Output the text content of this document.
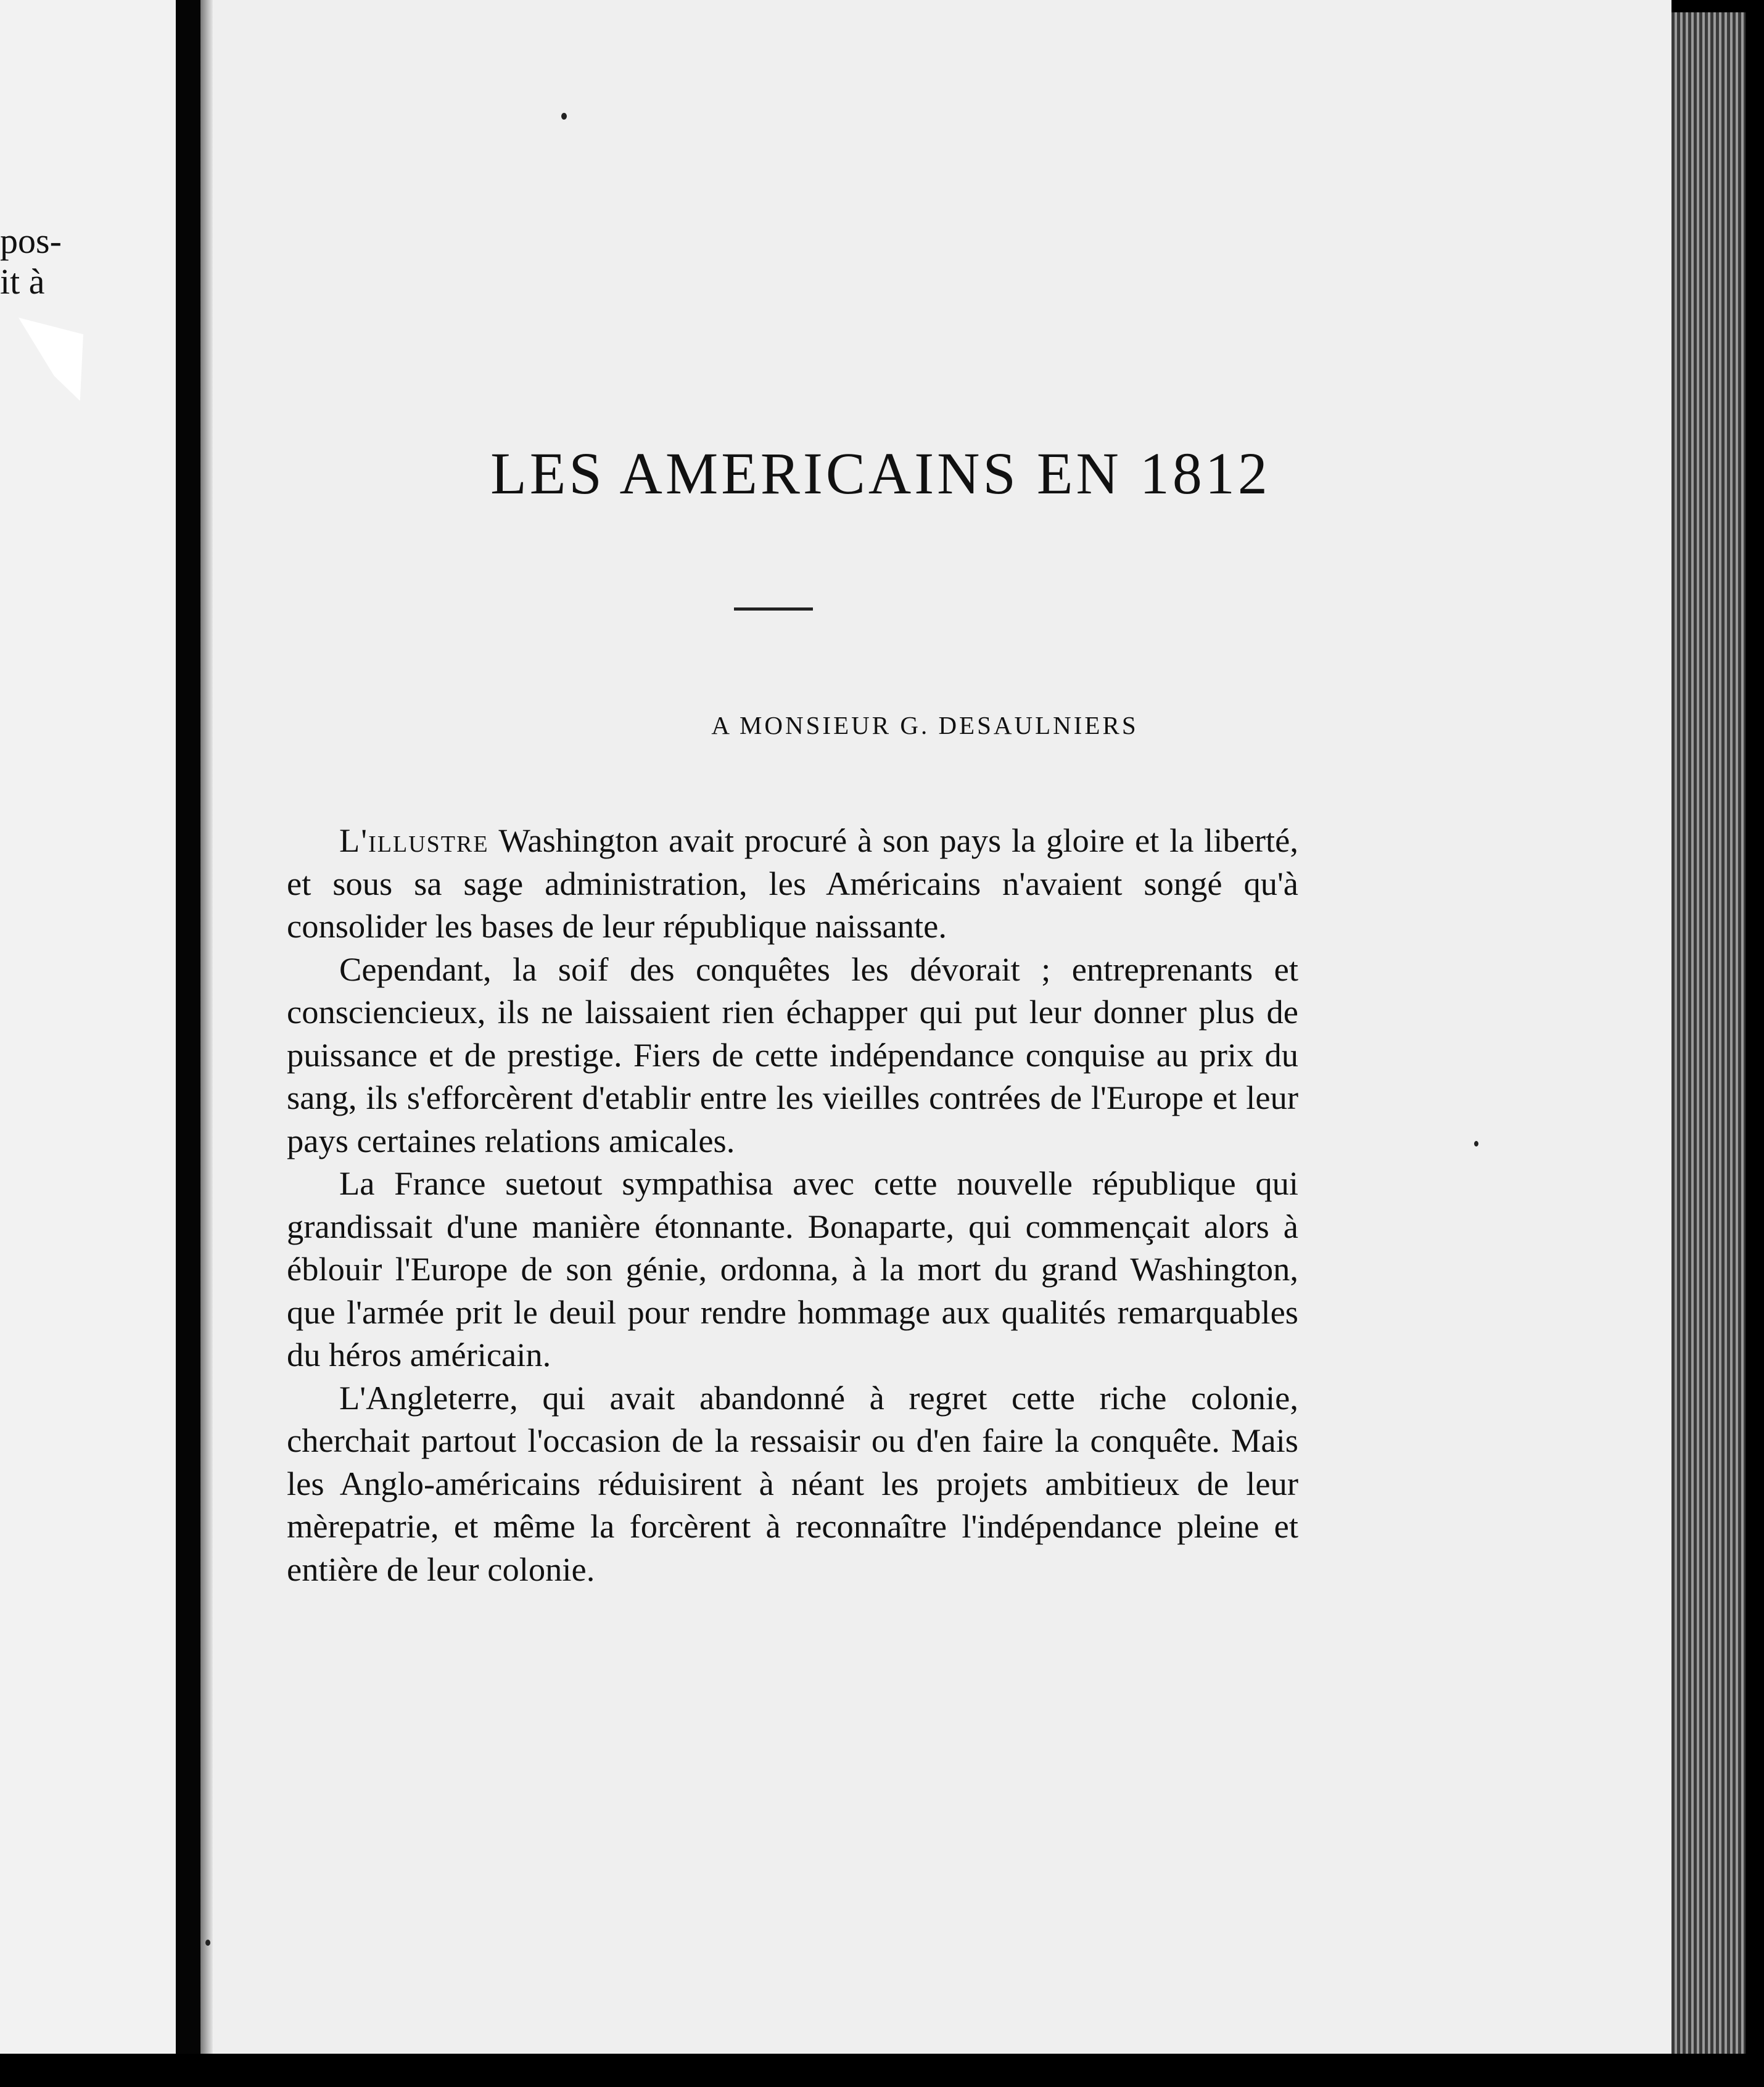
pos-
it à
LES AMERICAINS EN 1812
A MONSIEUR G. DESAULNIERS

L'illustre Washington avait procuré à son pays la gloire et la liberté, et sous sa sage administration, les Américains n'avaient songé qu'à consolider les bases de leur république naissante.

Cependant, la soif des conquêtes les dévorait ; entreprenants et consciencieux, ils ne laissaient rien échapper qui put leur donner plus de puissance et de prestige. Fiers de cette indépendance conquise au prix du sang, ils s'efforcèrent d'etablir entre les vieilles contrées de l'Europe et leur pays certaines relations amicales.

La France suetout sympathisa avec cette nouvelle république qui grandissait d'une manière étonnante. Bonaparte, qui commençait alors à éblouir l'Europe de son génie, ordonna, à la mort du grand Washington, que l'armée prit le deuil pour rendre hommage aux qualités remarquables du héros américain.

L'Angleterre, qui avait abandonné à regret cette riche colonie, cherchait partout l'occasion de la ressaisir ou d'en faire la conquête. Mais les Anglo-américains réduisirent à néant les projets ambitieux de leur mèrepatrie, et même la forcèrent à reconnaître l'indépendance pleine et entière de leur colonie.
